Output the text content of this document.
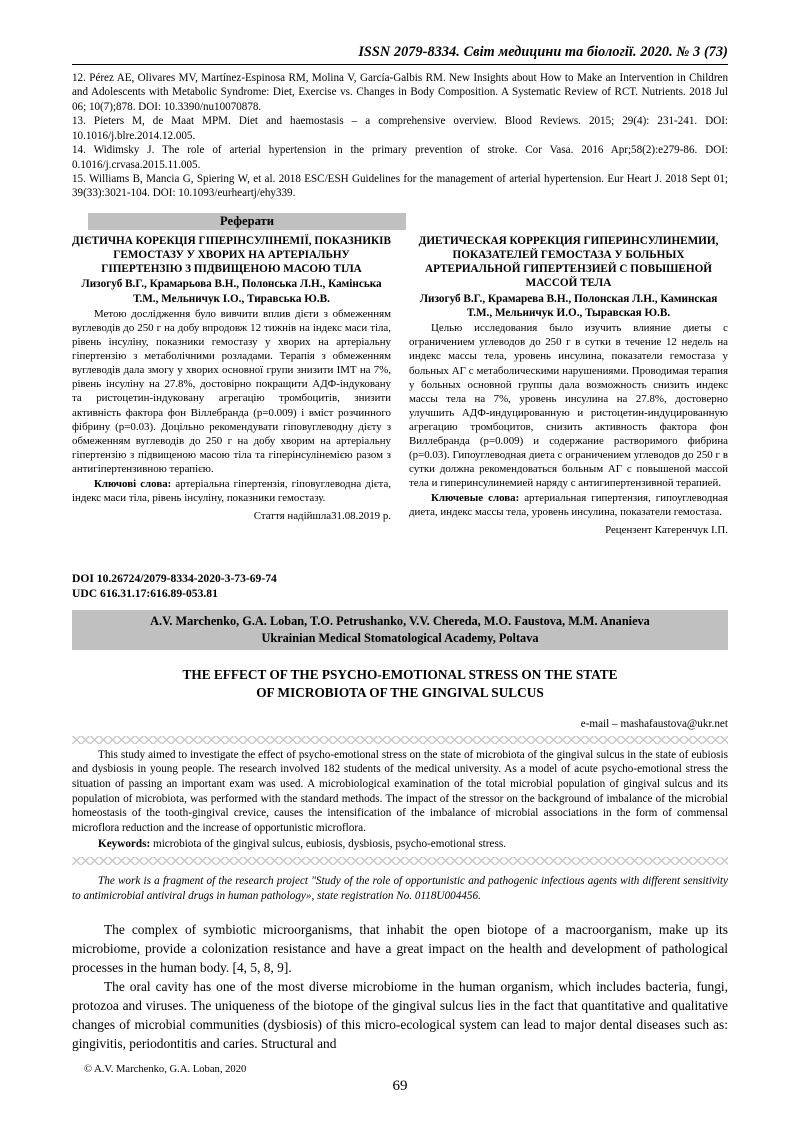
ISSN 2079-8334. Світ медицини та біології. 2020. № 3 (73)

12. Pérez AE, Olivares MV, Martínez-Espinosa RM, Molina V, García-Galbis RM. New Insights about How to Make an Intervention in Children and Adolescents with Metabolic Syndrome: Diet, Exercise vs. Changes in Body Composition. A Systematic Review of RCT. Nutrients. 2018 Jul 06; 10(7);878. DOI: 10.3390/nu10070878.

13. Pieters M, de Maat MPM. Diet and haemostasis – a comprehensive overview. Blood Reviews. 2015; 29(4): 231-241. DOI: 10.1016/j.blre.2014.12.005.

14. Widimsky J. The role of arterial hypertension in the primary prevention of stroke. Cor Vasa. 2016 Apr;58(2):e279-86. DOI: 0.1016/j.crvasa.2015.11.005.

15. Williams B, Mancia G, Spiering W, et al. 2018 ESC/ESH Guidelines for the management of arterial hypertension. Eur Heart J. 2018 Sept 01; 39(33):3021-104. DOI: 10.1093/eurheartj/ehy339.

Реферати
ДІЄТИЧНА КОРЕКЦІЯ ГІПЕРІНСУЛІНЕМІЇ, ПОКАЗНИКІВ ГЕМОСТАЗУ У ХВОРИХ НА АРТЕРІАЛЬНУ ГІПЕРТЕНЗІЮ З ПІДВИЩЕНОЮ МАСОЮ ТІЛА
Лизогуб В.Г., Крамарьова В.Н., Полонська Л.Н., Камінська Т.М., Мельничук І.О., Тиравська Ю.В.
Метою дослідження було вивчити вплив дієти з обмеженням вуглеводів до 250 г на добу впродовж 12 тижнів на індекс маси тіла, рівень інсуліну, показники гемостазу у хворих на артеріальну гіпертензію з метаболічними розладами. Терапія з обмеженням вуглеводів дала змогу у хворих основної групи знизити ІМТ на 7%, рівень інсуліну на 27.8%, достовірно покращити АДФ-індуковану та ристоцетин-індуковану агрегацію тромбоцитів, знизити активність фактора фон Віллебранда (р=0.009) і вміст розчинного фібрину (р=0.03). Доцільно рекомендувати гіповуглеводну дієту з обмеженням вуглеводів до 250 г на добу хворим на артеріальну гіпертензію з підвищеною масою тіла та гіперінсулінемією разом з антигіпертензивною терапією.
Ключові слова: артеріальна гіпертензія, гіповуглеводна дієта, індекс маси тіла, рівень інсуліну, показники гемостазу.
Стаття надійшла31.08.2019 р.
ДИЕТИЧЕСКАЯ КОРРЕКЦИЯ ГИПЕРИНСУЛИНЕМИИ, ПОКАЗАТЕЛЕЙ ГЕМОСТАЗА У БОЛЬНЫХ АРТЕРИАЛЬНОЙ ГИПЕРТЕНЗИЕЙ С ПОВЫШЕНОЙ МАССОЙ ТЕЛА
Лизогуб В.Г., Крамарева В.Н., Полонская Л.Н., Каминская Т.М., Мельничук И.О., Тыравская Ю.В.
Целью исследования было изучить влияние диеты с ограничением углеводов до 250 г в сутки в течение 12 недель на индекс массы тела, уровень инсулина, показатели гемостаза у больных АГ с метаболическими нарушениями. Проводимая терапия у больных основной группы дала возможность снизить индекс массы тела на 7%, уровень инсулина на 27.8%, достоверно улучшить АДФ-индуцированную и ристоцетин-индуцированную агрегацию тромбоцитов, снизить активность фактора фон Виллебранда (р=0.009) и содержание растворимого фибрина (р=0.03). Гипоуглеводная диета с ограничением углеводов до 250 г в сутки должна рекомендоваться больным АГ с повышеной массой тела и гиперинсулинемией наряду с антигипертензивной терапией.
Ключевые слова: артериальная гипертензия, гипоуглеводная диета, индекс массы тела, уровень инсулина, показатели гемостаза.
Рецензент Катеренчук І.П.
DOI 10.26724/2079-8334-2020-3-73-69-74
UDC 616.31.17:616.89-053.81
A.V. Marchenko, G.A. Loban, T.O. Petrushanko, V.V. Chereda, M.O. Faustova, M.M. Ananieva
Ukrainian Medical Stomatological Academy, Poltava
THE EFFECT OF THE PSYCHO-EMOTIONAL STRESS ON THE STATE
OF MICROBIOTA OF THE GINGIVAL SULCUS
e-mail – mashafaustova@ukr.net

This study aimed to investigate the effect of psycho-emotional stress on the state of microbiota of the gingival sulcus in the state of eubiosis and dysbiosis in young people. The research involved 182 students of the medical university. As a model of acute psycho-emotional stress the situation of passing an important exam was used. A microbiological examination of the total microbial population of gingival sulcus and its population of microbiota, was performed with the standard methods. The impact of the stressor on the background of imbalance of the microbial homeostasis of the tooth-gingival crevice, causes the intensification of the imbalance of microbial associations in the form of commensal microflora reduction and the increase of opportunistic microflora.

Keywords: microbiota of the gingival sulcus, eubiosis, dysbiosis, psycho-emotional stress.

The work is a fragment of the research project "Study of the role of opportunistic and pathogenic infectious agents with different sensitivity to antimicrobial antiviral drugs in human pathology», state registration No. 0118U004456.

The complex of symbiotic microorganisms, that inhabit the open biotope of a macroorganism, make up its microbiome, provide a colonization resistance and have a great impact on the health and development of pathological processes in the human body. [4, 5, 8, 9].

The oral cavity has one of the most diverse microbiome in the human organism, which includes bacteria, fungi, protozoa and viruses. The uniqueness of the biotope of the gingival sulcus lies in the fact that quantitative and qualitative changes of microbial communities (dysbiosis) of this micro-ecological system can lead to major dental diseases such as: gingivitis, periodontitis and caries. Structural and

© A.V. Marchenko, G.A. Loban, 2020
69
